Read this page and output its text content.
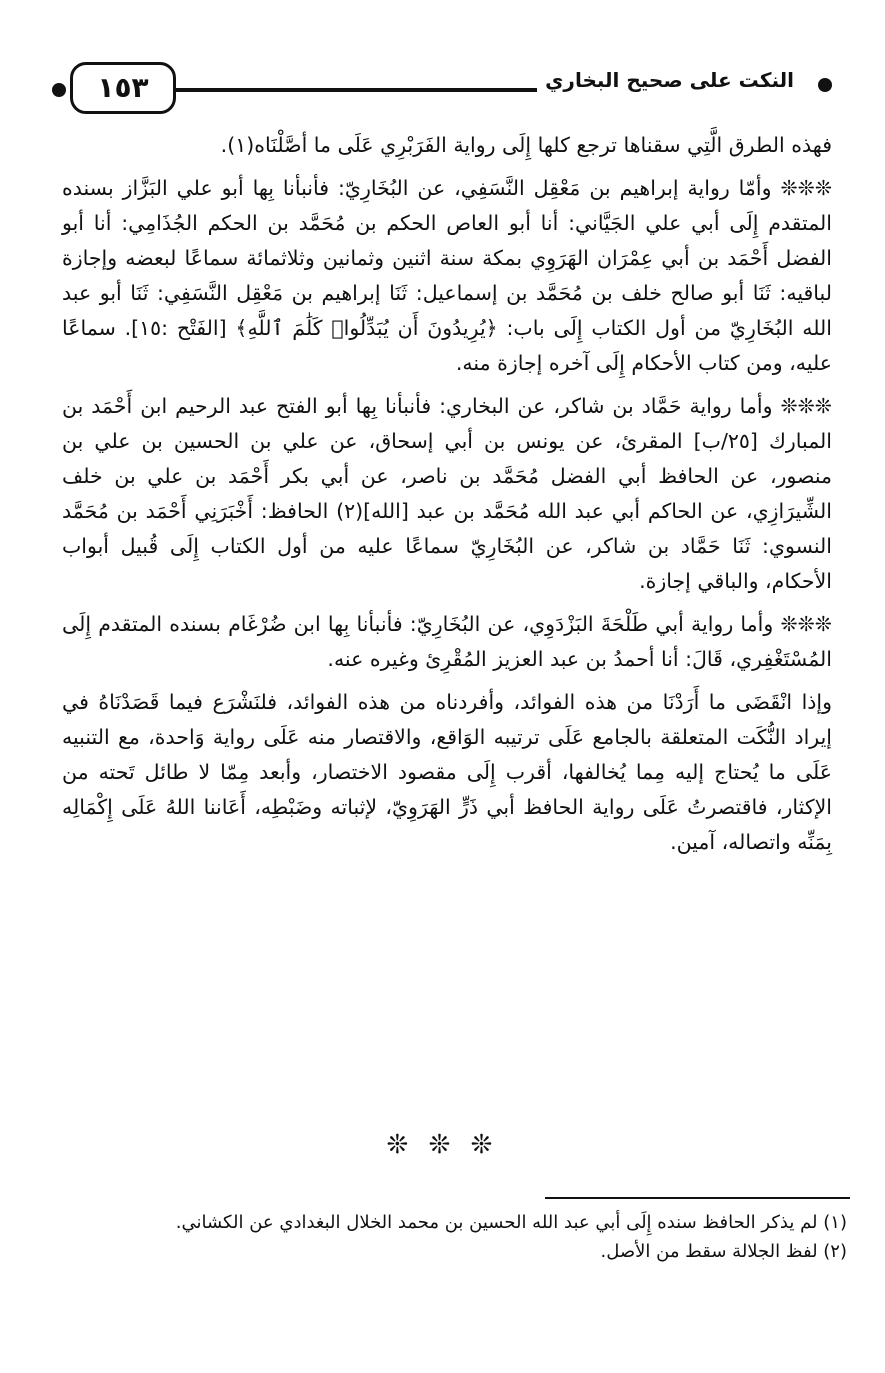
النكت على صحيح البخاري
١٥٣

فهذه الطرق الَّتِي سقناها ترجع كلها إِلَى رواية الفَرَبْرِي عَلَى ما أصَّلْنَاه(١).

❊❊❊ وأمّا رواية إبراهيم بن مَعْقِل النَّسَفِي، عن البُخَارِيّ: فأنبأنا بِها أبو علي البَزَّاز بسنده المتقدم إِلَى أبي علي الجَيَّاني: أنا أبو العاص الحكم بن مُحَمَّد بن الحكم الجُذَامِي: أنا أبو الفضل أَحْمَد بن أبي عِمْرَان الهَرَوِي بمكة سنة اثنين وثمانين وثلاثمائة سماعًا لبعضه وإجازة لباقيه: ثَنَا أبو صالح خلف بن مُحَمَّد بن إسماعيل: ثَنَا إبراهيم بن مَعْقِل النَّسَفِي: ثَنَا أبو عبد الله البُخَارِيّ من أول الكتاب إِلَى باب: ﴿يُرِيدُونَ أَن يُبَدِّلُوا۟ كَلَٰمَ ٱللَّهِ﴾ [الفَتْح :١٥]. سماعًا عليه، ومن كتاب الأحكام إِلَى آخره إجازة منه.

❊❊❊ وأما رواية حَمَّاد بن شاكر، عن البخاري: فأنبأنا بِها أبو الفتح عبد الرحيم ابن أَحْمَد بن المبارك [٢٥/ب] المقرئ، عن يونس بن أبي إسحاق، عن علي بن الحسين بن علي بن منصور، عن الحافظ أبي الفضل مُحَمَّد بن ناصر، عن أبي بكر أَحْمَد بن علي بن خلف الشِّيرَازِي، عن الحاكم أبي عبد الله مُحَمَّد بن عبد [الله](٢) الحافظ: أَخْبَرَنِي أَحْمَد بن مُحَمَّد النسوي: ثَنَا حَمَّاد بن شاكر، عن البُخَارِيّ سماعًا عليه من أول الكتاب إِلَى قُبيل أبواب الأحكام، والباقي إجازة.

❊❊❊ وأما رواية أبي طَلْحَةَ البَزْدَوِي، عن البُخَارِيّ: فأنبأنا بِها ابن ضُرْغَام بسنده المتقدم إِلَى المُسْتَغْفِري، قَالَ: أنا أحمدُ بن عبد العزيز المُقْرِئ وغيره عنه.

وإذا انْقَضَى ما أَرَدْنَا من هذه الفوائد، وأفردناه من هذه الفوائد، فلنَشْرَع فيما قَصَدْنَاهُ في إيراد النُّكَت المتعلقة بالجامع عَلَى ترتيبه الوَاقع، والاقتصار منه عَلَى رواية وَاحدة، مع التنبيه عَلَى ما يُحتاج إليه مِما يُخالفها، أقرب إِلَى مقصود الاختصار، وأبعد مِمّا لا طائل تَحته من الإكثار، فاقتصرتُ عَلَى رواية الحافظ أبي ذَرٍّ الهَرَوِيّ، لإثباته وضَبْطِه، أَعَاننا اللهُ عَلَى إِكْمَالِه بِمَنِّه واتصاله، آمين.

❊ ❊ ❊

(١) لم يذكر الحافظ سنده إِلَى أبي عبد الله الحسين بن محمد الخلال البغدادي عن الكشاني.

(٢) لفظ الجلالة سقط من الأصل.
